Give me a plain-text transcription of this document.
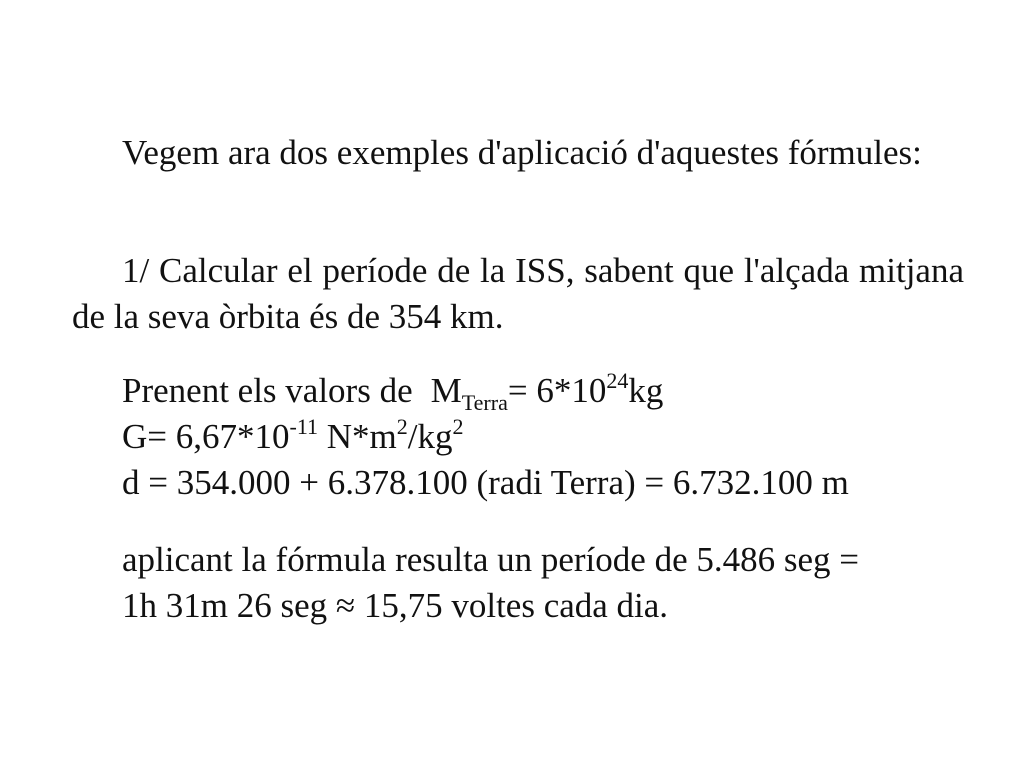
Vegem ara dos exemples d'aplicació d'aquestes fórmules:

1/ Calcular el període de la ISS, sabent que l'alçada mitjana de la seva òrbita és de 354 km.

Prenent els valors de $M_{Terra}= 6*10^{24}kg$
$G= 6,67*10^{-11}$ $N*m^2/kg^2$
d = 354.000 + 6.378.100 (radi Terra) = 6.732.100 m
aplicant la fórmula resulta un període de 5.486 seg =
1h 31m 26 seg ≈ 15,75 voltes cada dia.
